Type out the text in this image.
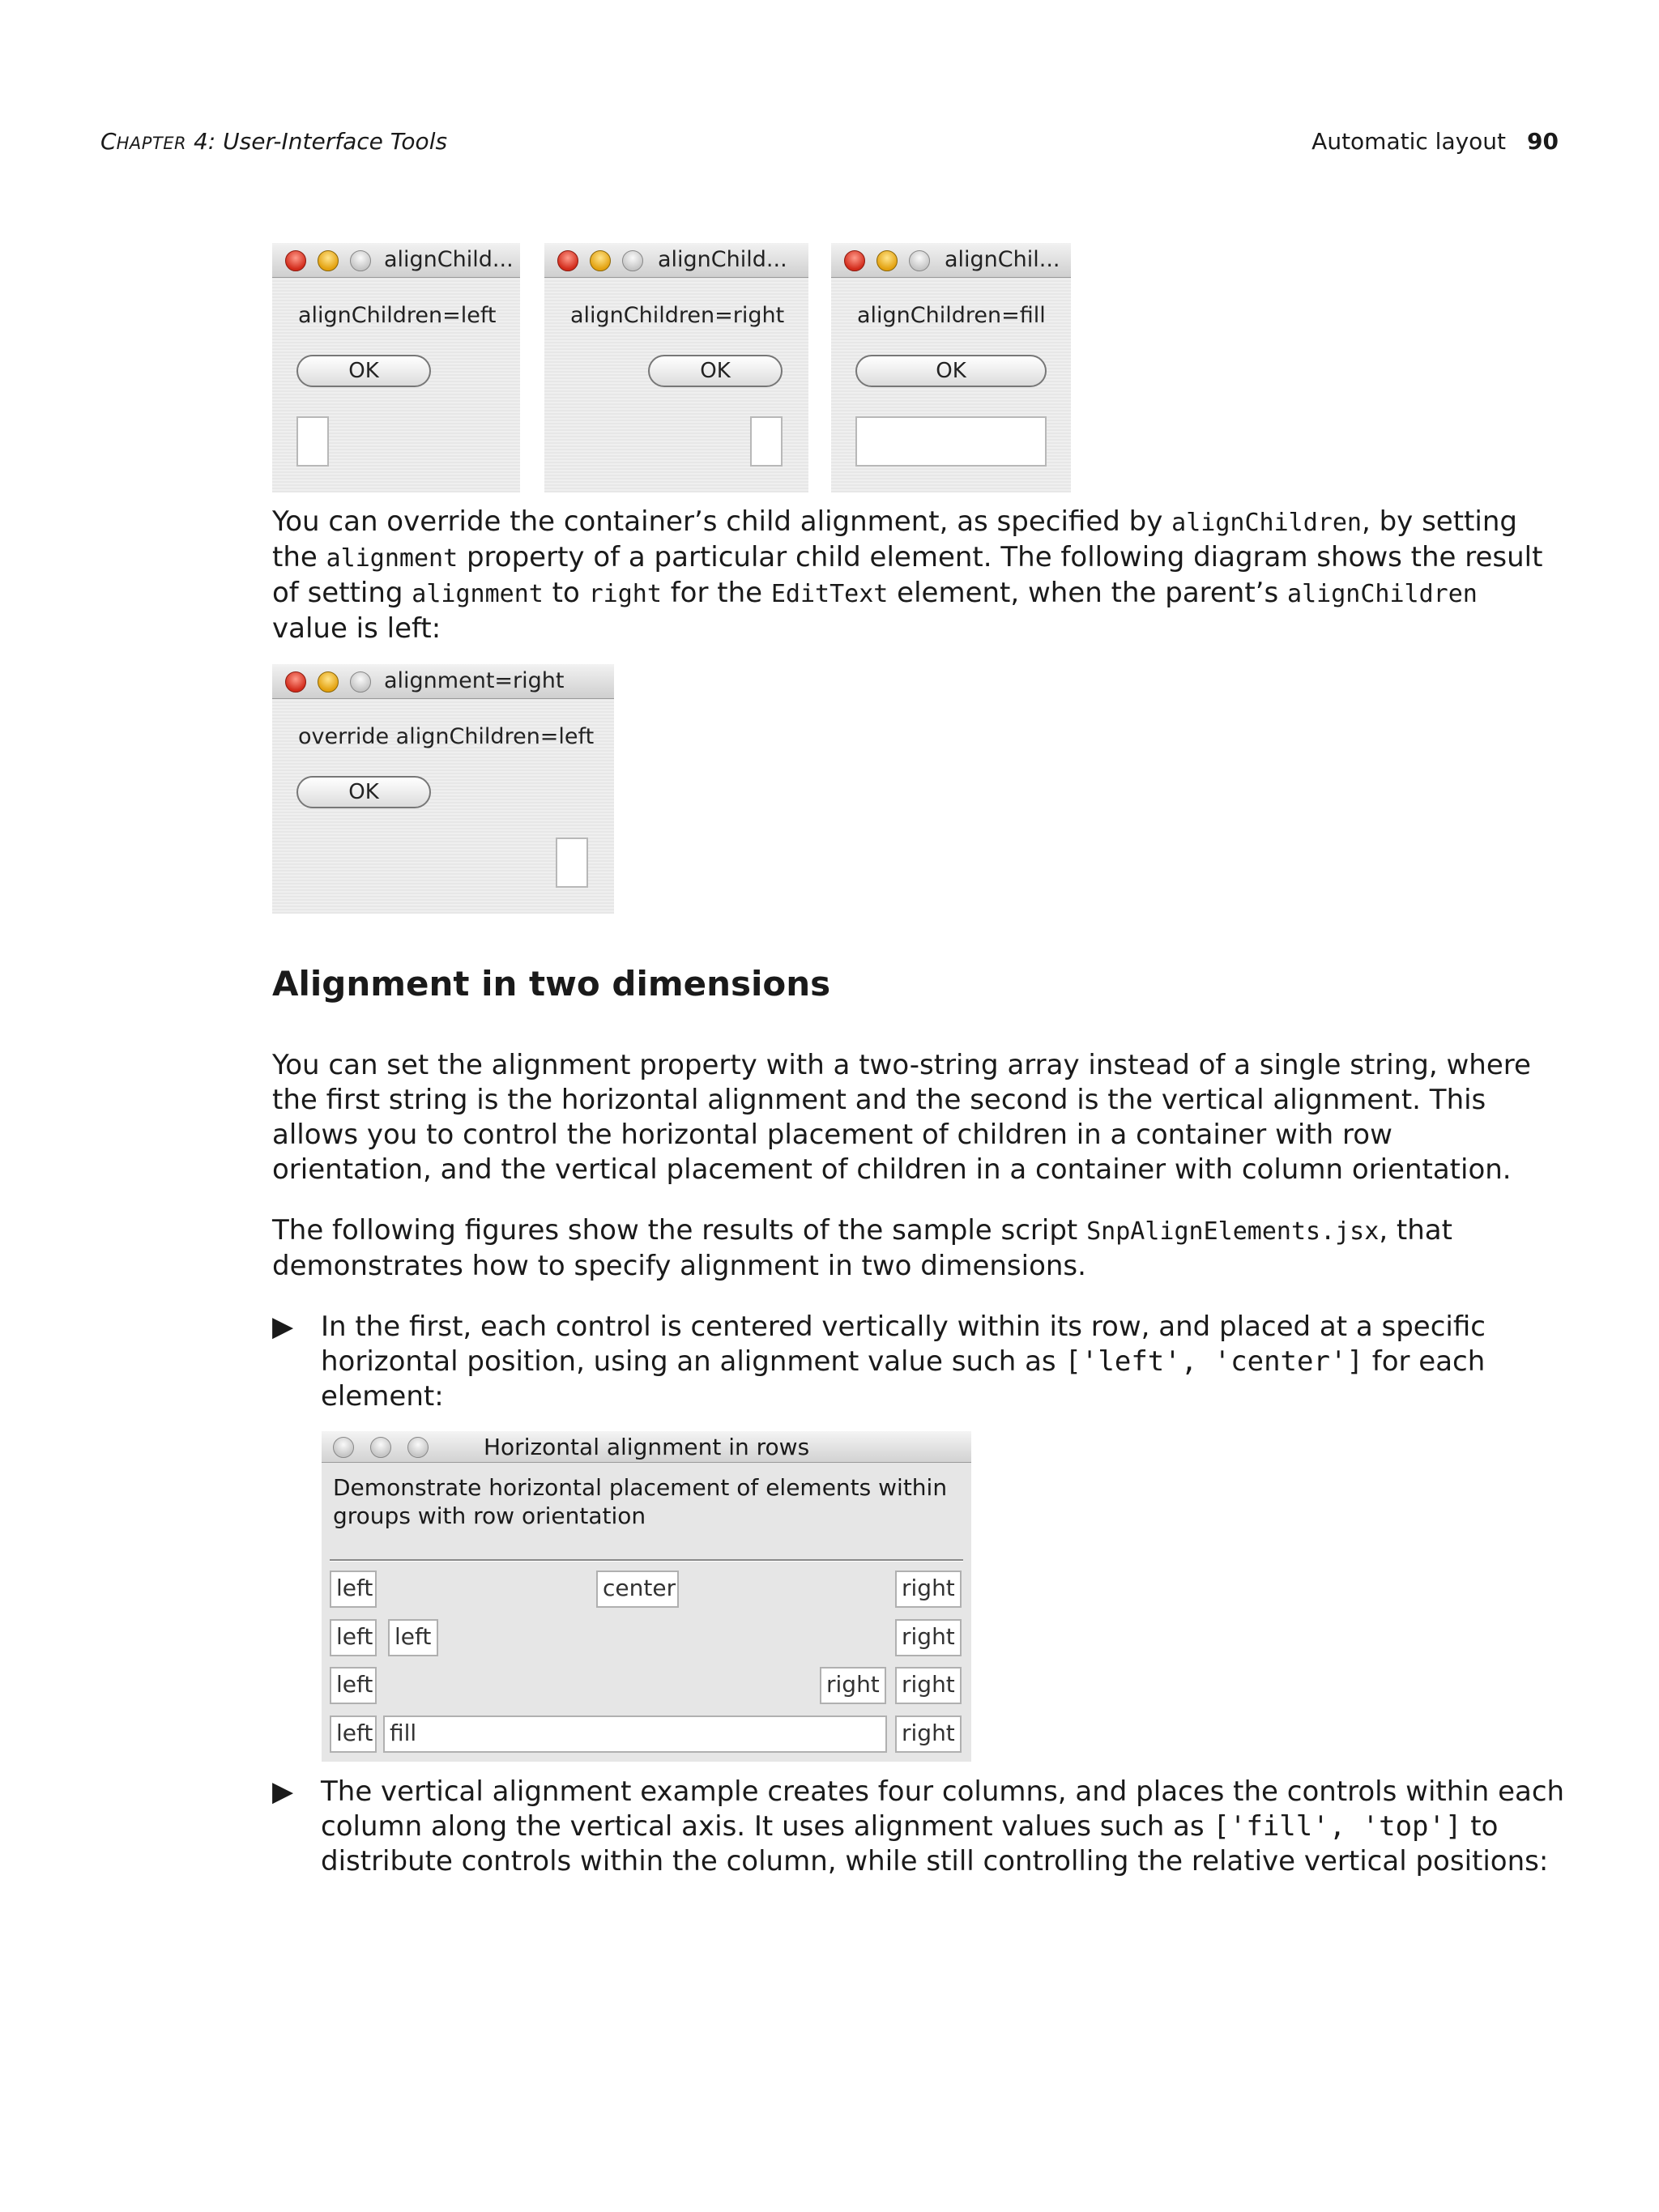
CHAPTER 4: User-Interface Tools	Automatic layout 90
alignChild...
alignChildren=left
OK
alignChild...
alignChildren=right
OK
alignChil...
alignChildren=fill
OK
You can override the container’s child alignment, as specified by alignChildren, by setting the alignment property of a particular child element. The following diagram shows the result of setting alignment to right for the EditText element, when the parent’s alignChildren value is left:
alignment=right
override alignChildren=left
OK
Alignment in two dimensions
You can set the alignment property with a two-string array instead of a single string, where the first string is the horizontal alignment and the second is the vertical alignment. This allows you to control the horizontal placement of children in a container with row orientation, and the vertical placement of children in a container with column orientation.
The following figures show the results of the sample script SnpAlignElements.jsx, that demonstrates how to specify alignment in two dimensions.
▶ In the first, each control is centered vertically within its row, and placed at a specific horizontal position, using an alignment value such as ['left', 'center'] for each element:
Horizontal alignment in rows
Demonstrate horizontal placement of elements within groups with row orientation
left	center	right
left left	right
left	right right
left fill	right
▶ The vertical alignment example creates four columns, and places the controls within each column along the vertical axis. It uses alignment values such as ['fill', 'top'] to distribute controls within the column, while still controlling the relative vertical positions:
